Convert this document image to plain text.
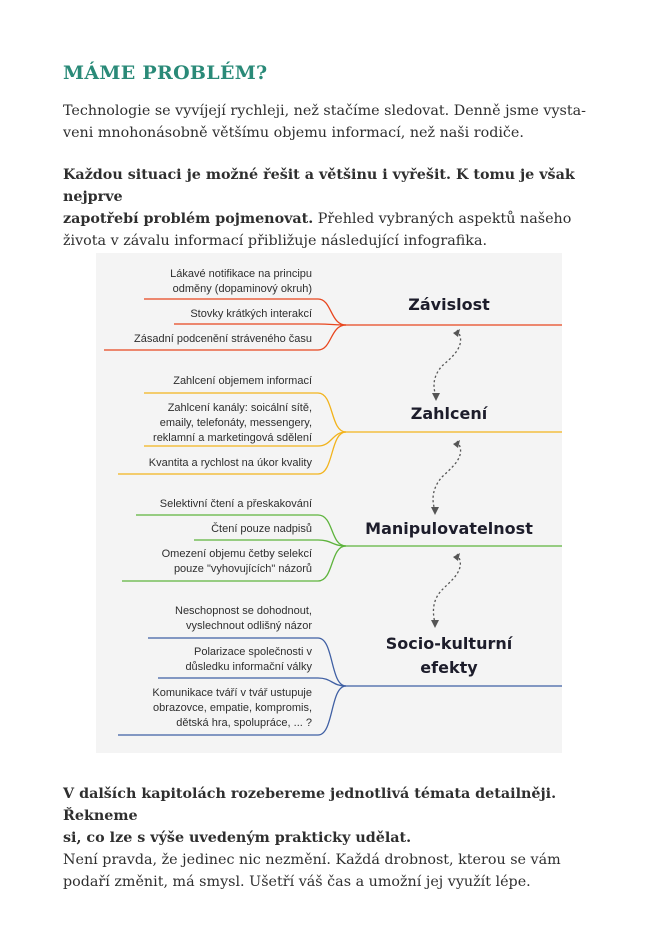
MÁME PROBLÉM?

Technologie se vyvíjejí rychleji, než stačíme sledovat. Denně jsme vysta-
veni mnohonásobně většímu objemu informací, než naši rodiče.

Každou situaci je možné řešit a většinu i vyřešit. K tomu je však nejprve
zapotřebí problém pojmenovat. Přehled vybraných aspektů našeho
života v závalu informací přibližuje následující infografika.

Lákavé notifikace na principu
odměny (dopaminový okruh)
Stovky krátkých interakcí
Zásadní podcenění stráveného času
Závislost
Zahlcení objemem informací
Zahlcení kanály: soicální sítě,
emaily, telefonáty, messengery,
reklamní a marketingová sdělení
Kvantita a rychlost na úkor kvality
Zahlcení
Selektivní čtení a přeskakování
Čtení pouze nadpisů
Omezení objemu četby selekcí
pouze "vyhovujících" názorů
Manipulovatelnost
Neschopnost se dohodnout,
vyslechnout odlišný názor
Polarizace společnosti v
důsledku informační války
Komunikace tváří v tvář ustupuje
obrazovce, empatie, kompromis,
dětská hra, spolupráce, ... ?
Socio-kulturní
efekty

V dalších kapitolách rozebereme jednotlivá témata detailněji. Řekneme
si, co lze s výše uvedeným prakticky udělat.
Není pravda, že jedinec nic nezmění. Každá drobnost, kterou se vám
podaří změnit, má smysl. Ušetří váš čas a umožní jej využít lépe.
